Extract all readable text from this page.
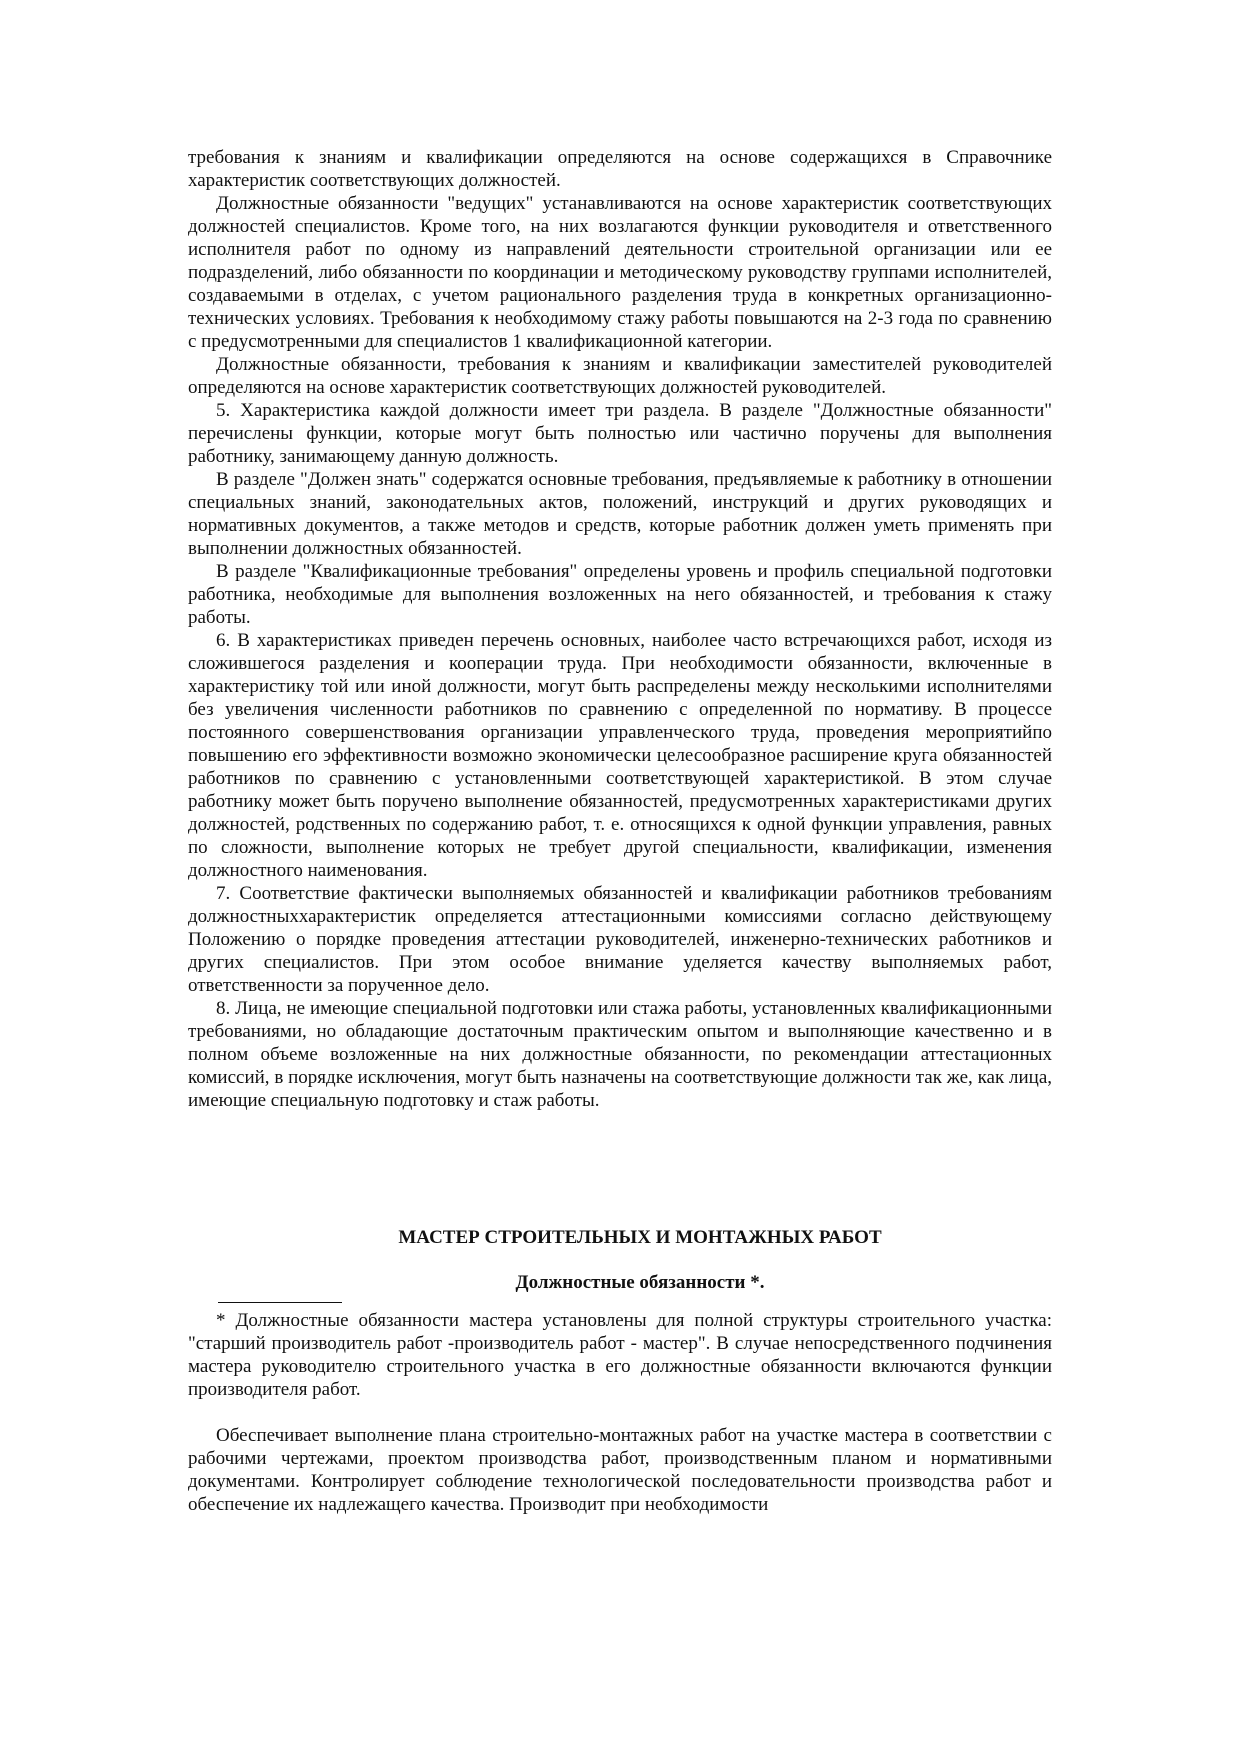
требования к знаниям и квалификации определяются на основе содержащихся в Справочнике характеристик соответствующих должностей.

Должностные обязанности "ведущих" устанавливаются на основе характеристик соответствующих должностей специалистов. Кроме того, на них возлагаются функции руководителя и ответственного исполнителя работ по одному из направлений деятельности строительной организации или ее подразделений, либо обязанности по координации и методическому руководству группами исполнителей, создаваемыми в отделах, с учетом рационального разделения труда в конкретных организационно-технических условиях. Требования к необходимому стажу работы повышаются на 2-3 года по сравнению с предусмотренными для специалистов 1 квалификационной категории.

Должностные обязанности, требования к знаниям и квалификации заместителей руководителей определяются на основе характеристик соответствующих должностей руководителей.

5. Характеристика каждой должности имеет три раздела. В разделе "Должностные обязанности" перечислены функции, которые могут быть полностью или частично поручены для выполнения работнику, занимающему данную должность.

В разделе "Должен знать" содержатся основные требования, предъявляемые к работнику в отношении специальных знаний, законодательных актов, положений, инструкций и других руководящих и нормативных документов, а также методов и средств, которые работник должен уметь применять при выполнении должностных обязанностей.

В разделе "Квалификационные требования" определены уровень и профиль специальной подготовки работника, необходимые для выполнения возложенных на него обязанностей, и требования к стажу работы.

6. В характеристиках приведен перечень основных, наиболее часто встречающихся работ, исходя из сложившегося разделения и кооперации труда. При необходимости обязанности, включенные в характеристику той или иной должности, могут быть распределены между несколькими исполнителями без увеличения численности работников по сравнению с определенной по нормативу. В процессе постоянного совершенствования организации управленческого труда, проведения мероприятийпо повышению его эффективности возможно экономически целесообразное расширение круга обязанностей работников по сравнению с установленными соответствующей характеристикой. В этом случае работнику может быть поручено выполнение обязанностей, предусмотренных характеристиками других должностей, родственных по содержанию работ, т. е. относящихся к одной функции управления, равных по сложности, выполнение которых не требует другой специальности, квалификации, изменения должностного наименования.

7. Соответствие фактически выполняемых обязанностей и квалификации работников требованиям должностныххарактеристик определяется аттестационными комиссиями согласно действующему Положению о порядке проведения аттестации руководителей, инженерно-технических работников и других специалистов. При этом особое внимание уделяется качеству выполняемых работ, ответственности за порученное дело.

8. Лица, не имеющие специальной подготовки или стажа работы, установленных квалификационными требованиями, но обладающие достаточным практическим опытом и выполняющие качественно и в полном объеме возложенные на них должностные обязанности, по рекомендации аттестационных комиссий, в порядке исключения, могут быть назначены на соответствующие должности так же, как лица, имеющие специальную подготовку и стаж работы.

МАСТЕР СТРОИТЕЛЬНЫХ И МОНТАЖНЫХ РАБОТ
Должностные обязанности *.

* Должностные обязанности мастера установлены для полной структуры строительного участка: "старший производитель работ -производитель работ - мастер". В случае непосредственного подчинения мастера руководителю строительного участка в его должностные обязанности включаются функции производителя работ.

Обеспечивает выполнение плана строительно-монтажных работ на участке мастера в соответствии с рабочими чертежами, проектом производства работ, производственным планом и нормативными документами. Контролирует соблюдение технологической последовательности производства работ и обеспечение их надлежащего качества. Производит при необходимости
